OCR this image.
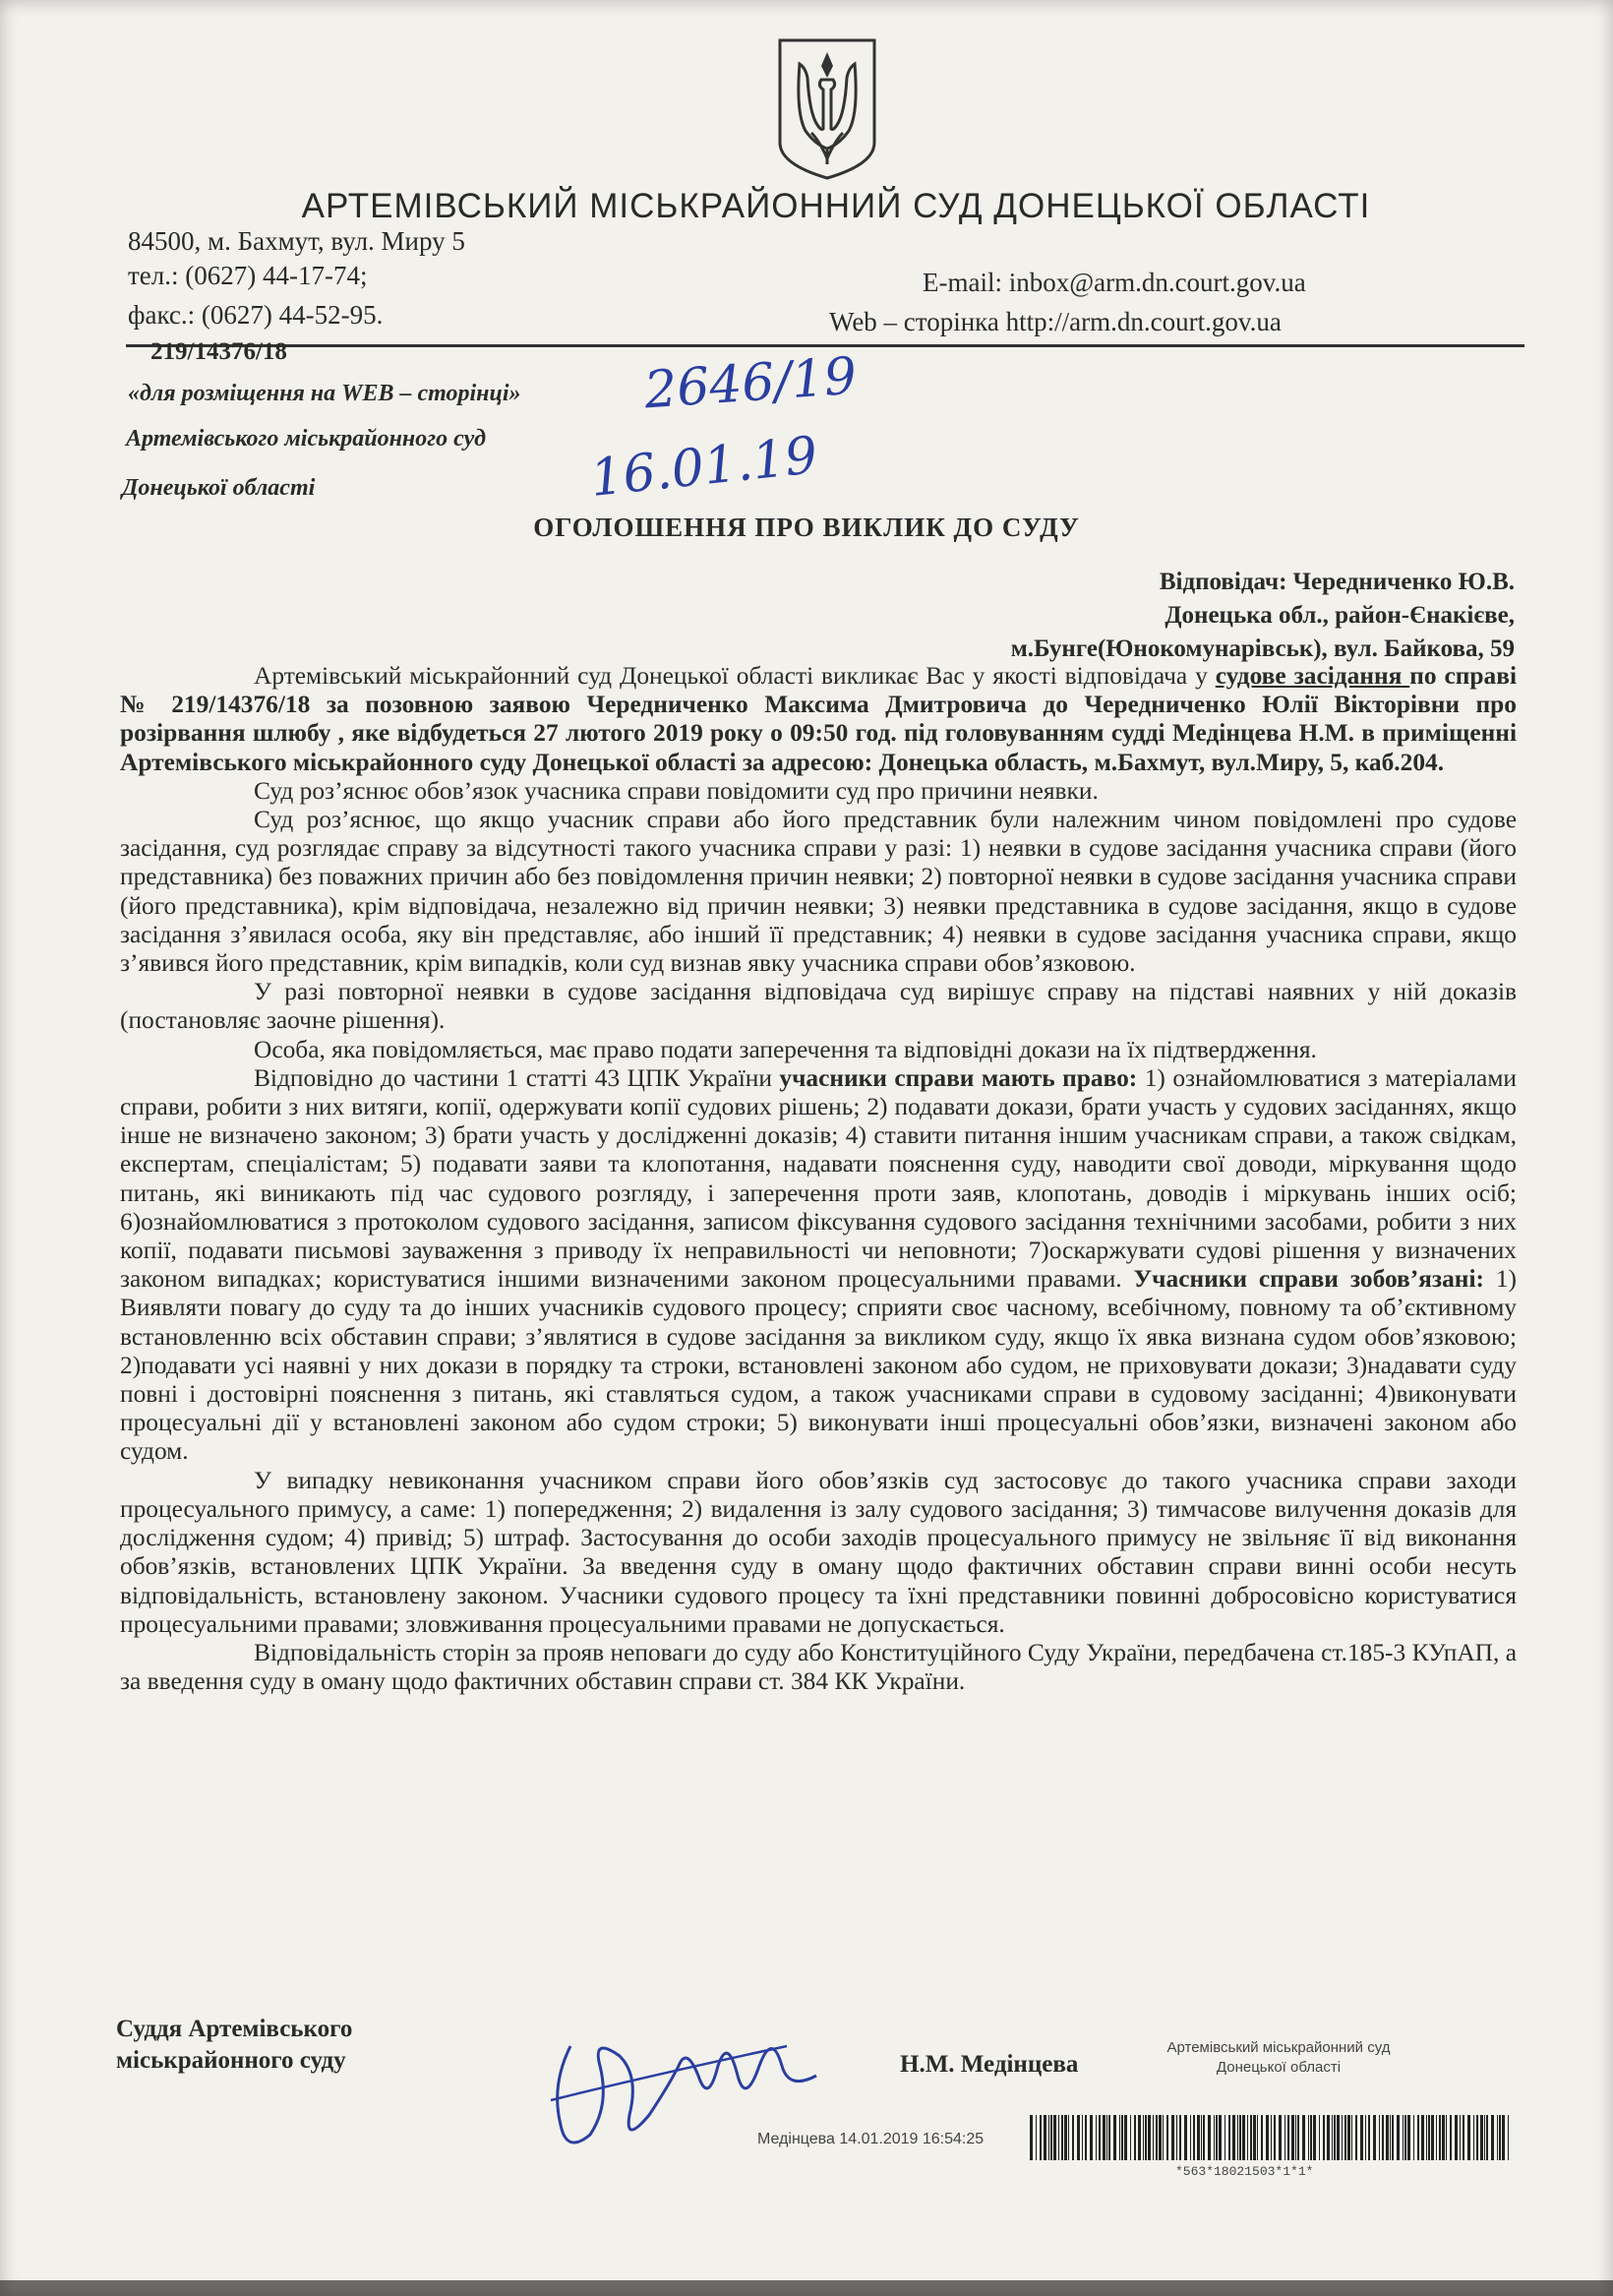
АРТЕМІВСЬКИЙ МІСЬКРАЙОННИЙ СУД ДОНЕЦЬКОЇ ОБЛАСТІ
84500, м. Бахмут, вул. Миру 5
тел.: (0627) 44-17-74;
факс.: (0627) 44-52-95.
E-mail: inbox@arm.dn.court.gov.ua
Web – сторінка http://arm.dn.court.gov.ua
219/14376/18
«для розміщення на WEB – сторінці»
Артемівського міськрайонного суд
Донецької області
2646/19
16.01.19
ОГОЛОШЕННЯ ПРО ВИКЛИК ДО СУДУ
Відповідач: Чередниченко Ю.В.
Донецька обл., район-Єнакієве,
м.Бунге(Юнокомунарівськ), вул. Байкова, 59

Артемівський міськрайонний суд Донецької області викликає Вас у якості відповідача у судове засідання по справі № 219/14376/18 за позовною заявою Чередниченко Максима Дмитровича до Чередниченко Юлії Вікторівни про розірвання шлюбу , яке відбудеться 27 лютого 2019 року о 09:50 год. під головуванням судді Медінцева Н.М. в приміщенні Артемівського міськрайонного суду Донецької області за адресою: Донецька область, м.Бахмут, вул.Миру, 5, каб.204.

Суд роз’яснює обов’язок учасника справи повідомити суд про причини неявки.

Суд роз’яснює, що якщо учасник справи або його представник були належним чином повідомлені про судове засідання, суд розглядає справу за відсутності такого учасника справи у разі: 1) неявки в судове засідання учасника справи (його представника) без поважних причин або без повідомлення причин неявки; 2) повторної неявки в судове засідання учасника справи (його представника), крім відповідача, незалежно від причин неявки; 3) неявки представника в судове засідання, якщо в судове засідання з’явилася особа, яку він представляє, або інший її представник; 4) неявки в судове засідання учасника справи, якщо з’явився його представник, крім випадків, коли суд визнав явку учасника справи обов’язковою.

У разі повторної неявки в судове засідання відповідача суд вирішує справу на підставі наявних у ній доказів (постановляє заочне рішення).

Особа, яка повідомляється, має право подати заперечення та відповідні докази на їх підтвердження.

Відповідно до частини 1 статті 43 ЦПК України учасники справи мають право: 1) ознайомлюватися з матеріалами справи, робити з них витяги, копії, одержувати копії судових рішень; 2) подавати докази, брати участь у судових засіданнях, якщо інше не визначено законом; 3) брати участь у дослідженні доказів; 4) ставити питання іншим учасникам справи, а також свідкам, експертам, спеціалістам; 5) подавати заяви та клопотання, надавати пояснення суду, наводити свої доводи, міркування щодо питань, які виникають під час судового розгляду, і заперечення проти заяв, клопотань, доводів і міркувань інших осіб; 6)ознайомлюватися з протоколом судового засідання, записом фіксування судового засідання технічними засобами, робити з них копії, подавати письмові зауваження з приводу їх неправильності чи неповноти; 7)оскаржувати судові рішення у визначених законом випадках; користуватися іншими визначеними законом процесуальними правами. Учасники справи зобов’язані: 1) Виявляти повагу до суду та до інших учасників судового процесу; сприяти своє часному, всебічному, повному та об’єктивному встановленню всіх обставин справи; з’являтися в судове засідання за викликом суду, якщо їх явка визнана судом обов’язковою; 2)подавати усі наявні у них докази в порядку та строки, встановлені законом або судом, не приховувати докази; 3)надавати суду повні і достовірні пояснення з питань, які ставляться судом, а також учасниками справи в судовому засіданні; 4)виконувати процесуальні дії у встановлені законом або судом строки; 5) виконувати інші процесуальні обов’язки, визначені законом або судом.

У випадку невиконання учасником справи його обов’язків суд застосовує до такого учасника справи заходи процесуального примусу, а саме: 1) попередження; 2) видалення із залу судового засідання; 3) тимчасове вилучення доказів для дослідження судом; 4) привід; 5) штраф. Застосування до особи заходів процесуального примусу не звільняє її від виконання обов’язків, встановлених ЦПК України. За введення суду в оману щодо фактичних обставин справи винні особи несуть відповідальність, встановлену законом. Учасники судового процесу та їхні представники повинні добросовісно користуватися процесуальними правами; зловживання процесуальними правами не допускається.

Відповідальність сторін за прояв неповаги до суду або Конституційного Суду України, передбачена ст.185-3 КУпАП, а за введення суду в оману щодо фактичних обставин справи ст. 384 КК України.

Суддя Артемівського
міськрайонного суду	Н.М. Медінцева
Артемівський міськрайонний суд
Донецької області
Медінцева 14.01.2019 16:54:25
*563*18021503*1*1*
